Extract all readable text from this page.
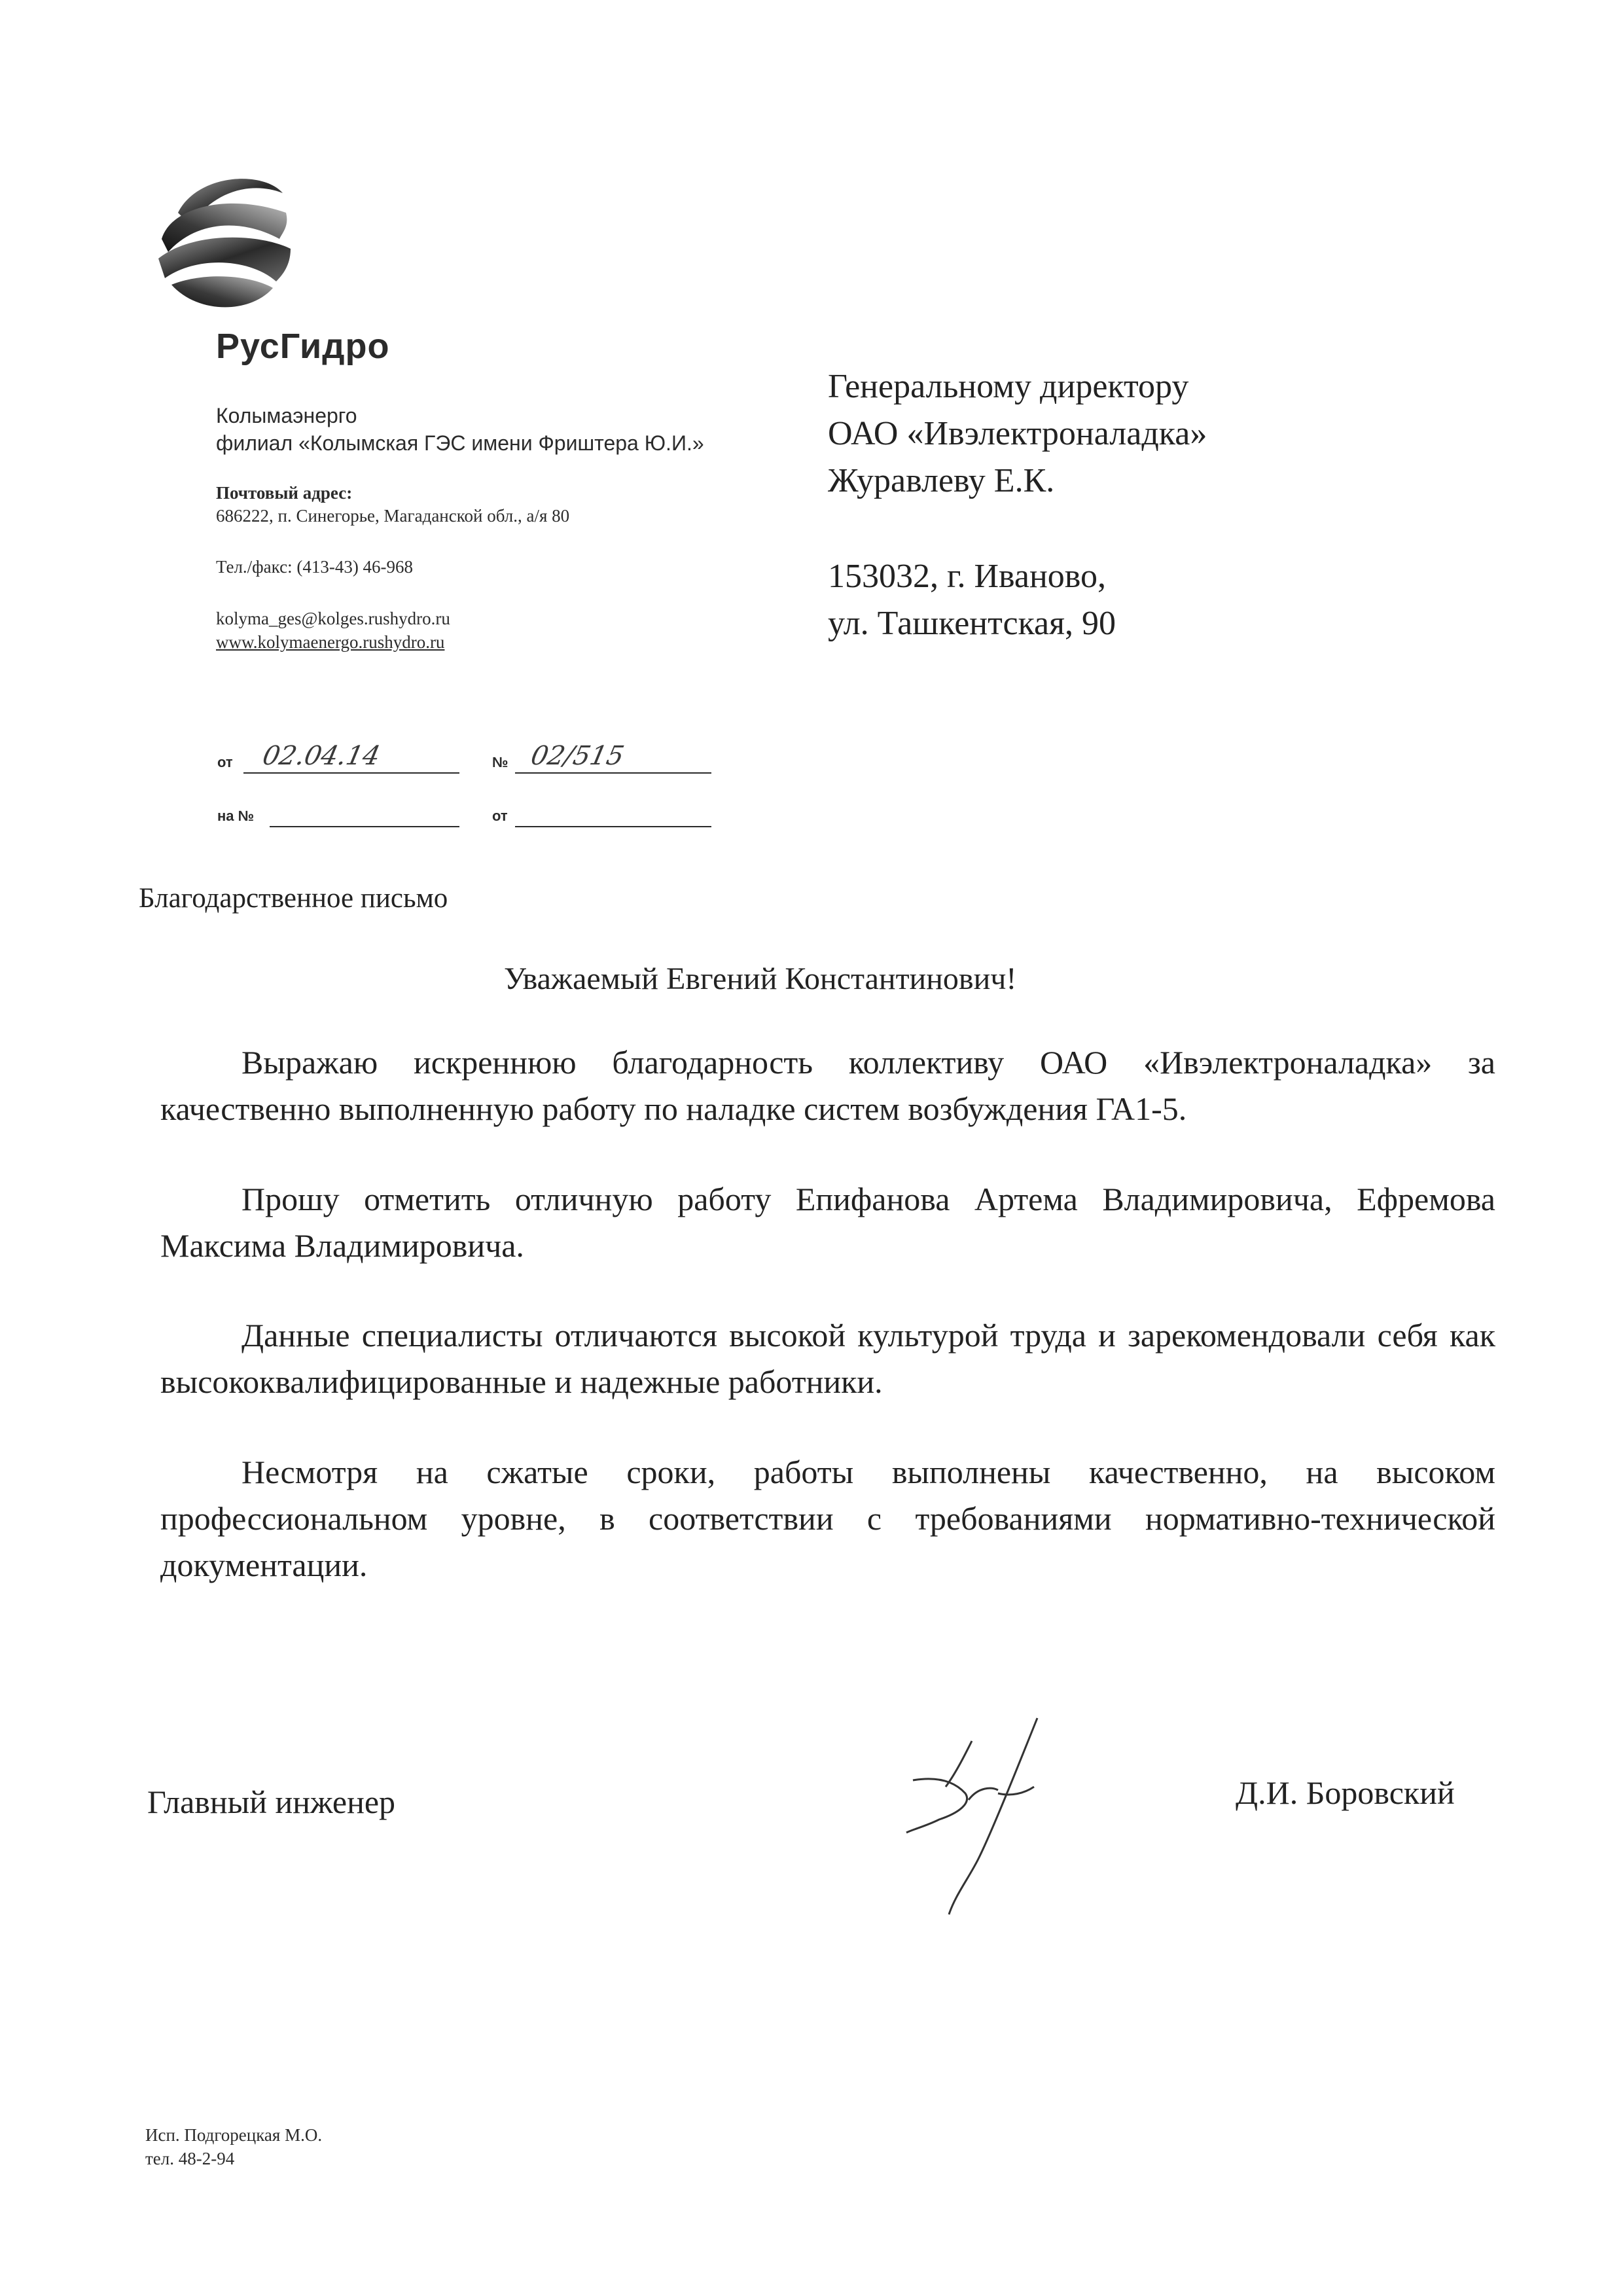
РусГидро
Колымаэнерго
филиал «Колымская ГЭС имени Фриштера Ю.И.»
Почтовый адрес:
686222, п. Синегорье, Магаданской обл., а/я 80
Тел./факс: (413-43) 46-968
kolyma_ges@kolges.rushydro.ru
www.kolymaenergo.rushydro.ru
от 02.04.14	№ 02/515
на №	от
Генеральному директору
ОАО «Ивэлектроналадка»
Журавлеву Е.К.
153032, г. Иваново,
ул. Ташкентская, 90
Благодарственное письмо
Уважаемый Евгений Константинович!
Выражаю искреннюю благодарность коллективу ОАО «Ивэлектроналадка» за качественно выполненную работу по наладке систем возбуждения ГА1-5.
Прошу отметить отличную работу Епифанова Артема Владимировича, Ефремова Максима Владимировича.
Данные специалисты отличаются высокой культурой труда и зарекомендовали себя как высококвалифицированные и надежные работники.
Несмотря на сжатые сроки, работы выполнены качественно, на высоком профессиональном уровне, в соответствии с требованиями нормативно-технической документации.
Главный инженер	Д.И. Боровский
Исп. Подгорецкая М.О.
тел. 48-2-94
